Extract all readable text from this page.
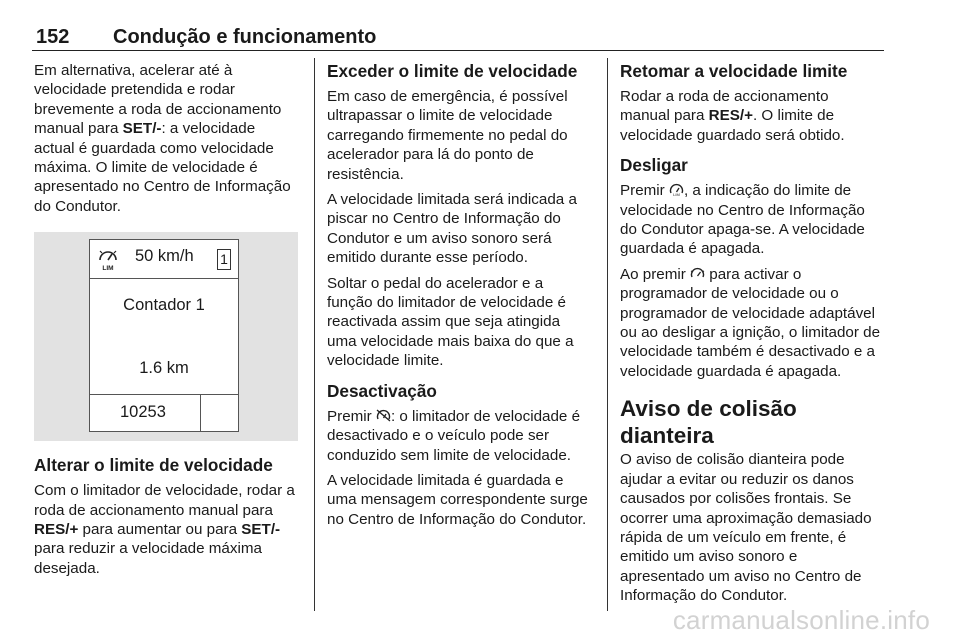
152 Condução e funcionamento

Em alternativa, acelerar até à velocidade pretendida e rodar brevemente a roda de accionamento manual para SET/-: a velocidade actual é guardada como velocidade máxima. O limite de velocidade é apresentado no Centro de Informação do Condutor.

LIM
50 km/h 1
Contador 1
1.6 km
10253
Alterar o limite de velocidade

Com o limitador de velocidade, rodar a roda de accionamento manual para RES/+ para aumentar ou para SET/- para reduzir a velocidade máxima desejada.

Exceder o limite de velocidade

Em caso de emergência, é possível ultrapassar o limite de velocidade carregando firmemente no pedal do acelerador para lá do ponto de resistência.

A velocidade limitada será indicada a piscar no Centro de Informação do Condutor e um aviso sonoro será emitido durante esse período.

Soltar o pedal do acelerador e a função do limitador de velocidade é reactivada assim que seja atingida uma velocidade mais baixa do que a velocidade limite.

Desactivação

Premir : o limitador de velocidade é desactivado e o veículo pode ser conduzido sem limite de velocidade.

A velocidade limitada é guardada e uma mensagem correspondente surge no Centro de Informação do Condutor.

Retomar a velocidade limite

Rodar a roda de accionamento manual para RES/+. O limite de velocidade guardado será obtido.

Desligar

Premir LIM , a indicação do limite de velocidade no Centro de Informação do Condutor apaga-se. A velocidade guardada é apagada.

Ao premir  para activar o programador de velocidade ou o programador de velocidade adaptável ou ao desligar a ignição, o limitador de velocidade também é desactivado e a velocidade guardada é apagada.

Aviso de colisão dianteira

O aviso de colisão dianteira pode ajudar a evitar ou reduzir os danos causados por colisões frontais. Se ocorrer uma aproximação demasiado rápida de um veículo em frente, é emitido um aviso sonoro e apresentado um aviso no Centro de Informação do Condutor.

carmanualsonline.info
